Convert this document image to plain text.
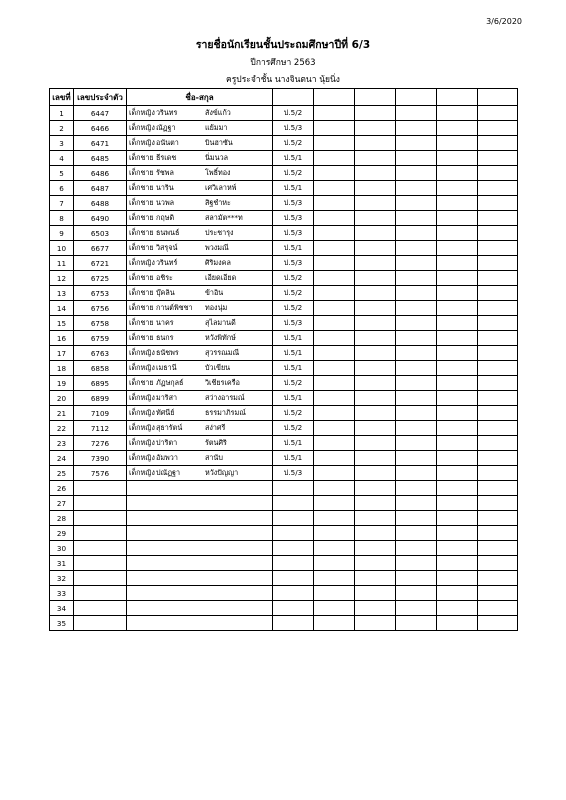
3/6/2020
รายชื่อนักเรียนชั้นประถมศึกษาปีที่ 6/3
ปีการศึกษา 2563
ครูประจำชั้น นางจินตนา นุ้ยนิ่ง
เลขที่	เลขประจำตัว	ชื่อ-สกุล						
1	6447	เด็กหญิงวรินทร สังข์แก้ว	ป.5/2					
2	6466	เด็กหญิงณัฏฐา แย้มมา	ป.5/3					
3	6471	เด็กหญิงอนันตา บินฮาซัน	ป.5/2					
4	6485	เด็กชาย ธีรเดช นิ่มนวล	ป.5/1					
5	6486	เด็กชาย รัชพล โพธิ์ทอง	ป.5/2					
6	6487	เด็กชาย นาริน เศวิเลาหพ์	ป.5/1					
7	6488	เด็กชาย นวพล สิฐชำหะ	ป.5/3					
8	6490	เด็กชาย กฤษดิ สลามัต***ท	ป.5/3					
9	6503	เด็กชาย ธนพนธ์ ประชารุง	ป.5/3					
10	6677	เด็กชาย วิสรุจน์ พวงมณี	ป.5/1					
11	6721	เด็กหญิงวรินทร์ ศิริมงคล	ป.5/3					
12	6725	เด็กชาย อชิระ เอียดเอียด	ป.5/2					
13	6753	เด็กชาย บุ๊คลิน ข้าอิน	ป.5/2					
14	6756	เด็กชาย กานต์พิชชา ทองนุ่ม	ป.5/2					
15	6758	เด็กชาย นาคร สุไลมานดี	ป.5/3					
16	6759	เด็กชาย ธนกร หวังพิทักษ์	ป.5/1					
17	6763	เด็กหญิงธนัชพร สุวรรณมณี	ป.5/1					
18	6858	เด็กหญิงเมธานี บัวเขียน	ป.5/1					
19	6895	เด็กชาย ภัฏษกุลธ์ วิเชียรเครือ	ป.5/2					
20	6899	เด็กหญิงมาริสา สว่างอารมณ์	ป.5/1					
21	7109	เด็กหญิงทัศนีย์ ธรรมาภิรมณ์	ป.5/2					
22	7112	เด็กหญิงสุธารัตน์ สง่าศรี	ป.5/2					
23	7276	เด็กหญิงปาริตา รัตนศิริ	ป.5/1					
24	7390	เด็กหญิงอัมพวา สานับ	ป.5/1					
25	7576	เด็กหญิงปณัฏฐา หวังปัญญา	ป.5/3					
26								
27								
28								
29								
30								
31								
32								
33								
34								
35								
